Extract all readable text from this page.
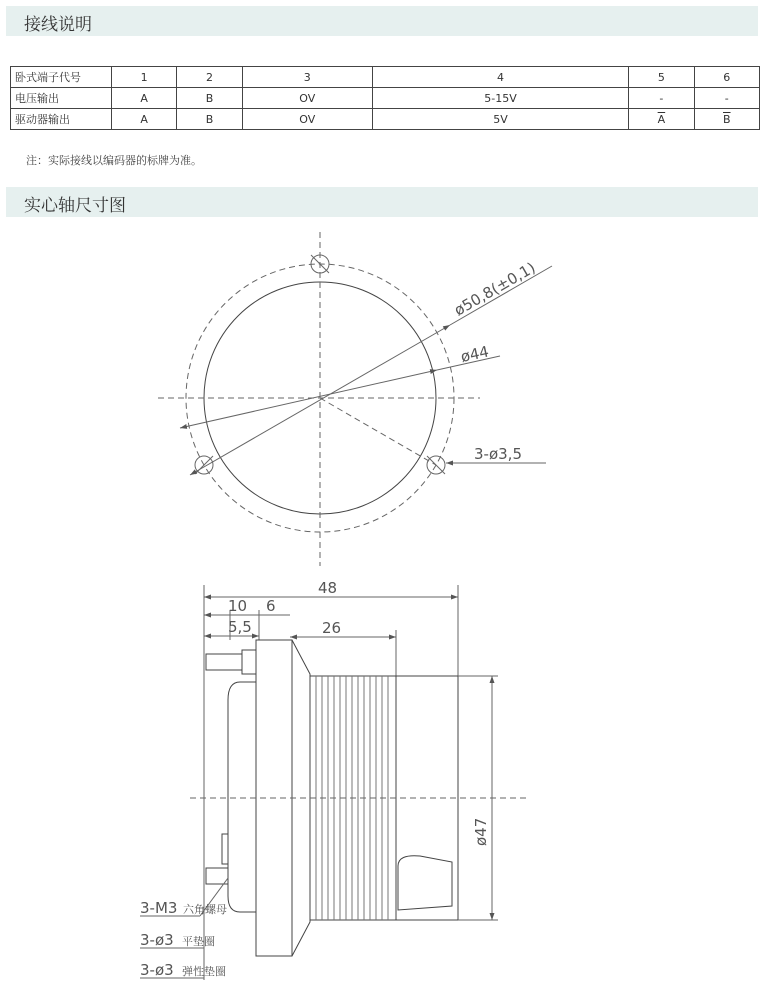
接线说明
卧式端子代号	1	2	3	4	5	6
电压输出	A	B	OV	5-15V	-	-
驱动器输出	A	B	OV	5V	$\overline{A}$	$\overline{B}$
注：实际接线以编码器的标牌为准。
实心轴尺寸图
ø50,8(±0,1)
ø44
3-ø3,5
48
10 6
5,5	26
ø47
3-M3 六角螺母
3-ø3 平垫圈
3-ø3 弹性垫圈
